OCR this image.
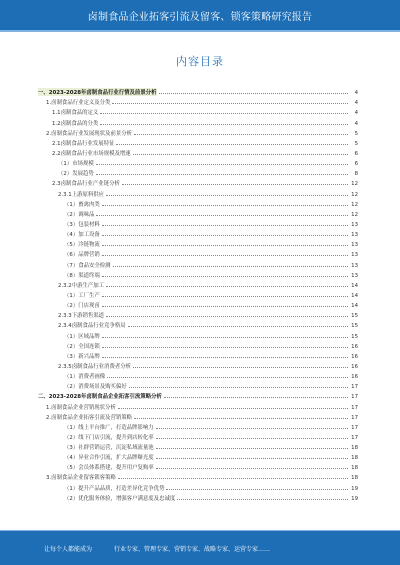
卤制食品企业拓客引流及留客、锁客策略研究报告
内容目录
一、2023-2028年卤制食品行业行情及前景分析	4
1.卤制食品行业定义及分类	4
1.1卤制食品的定义	4
1.2卤制食品的分类	4
2.卤制食品行业发展现状及前景分析	5
2.1卤制食品行业发展特征	5
2.2卤制食品行业市场规模及增速	6
（1）市场规模	6
（2）发展趋势	8
2.3卤制食品行业产业链分析	12
2.3.1上游原料供应	12
（1）畜禽肉类	12
（2）调味品	12
（3）包装材料	13
（4）加工设备	13
（5）冷链物流	13
（6）品牌营销	13
（7）食品安全检测	13
（8）渠道终端	13
2.3.2中游生产加工	14
（1）工厂生产	14
（2）门店现卤	14
2.3.3下游销售渠道	15
2.3.4卤制食品行业竞争格局	15
（1）区域品牌	15
（2）全国连锁	16
（3）新兴品牌	16
2.3.5卤制食品行业消费者分析	16
（1）消费者画像	16
（2）消费场景及购买偏好	17
二、2023-2028年卤制食品企业拓客引流策略分析	17
1.卤制食品企业营销现状分析	17
2.卤制食品企业拓客引流及营销策略	17
（1）线上平台推广，打造品牌影响力	17
（2）线下门店引流，提升到店转化率	17
（3）社群营销运营，沉淀私域流量池	18
（4）异业合作引流，扩大品牌曝光度	18
（5）会员体系搭建，提升用户复购率	18
3.卤制食品企业留客锁客策略	18
（1）提升产品品质，打造差异化竞争优势	19
（2）优化服务体验，增强客户满意度及忠诚度	19
让每个人都能成为	行业专家、管理专家、营销专家、战略专家、运营专家……
